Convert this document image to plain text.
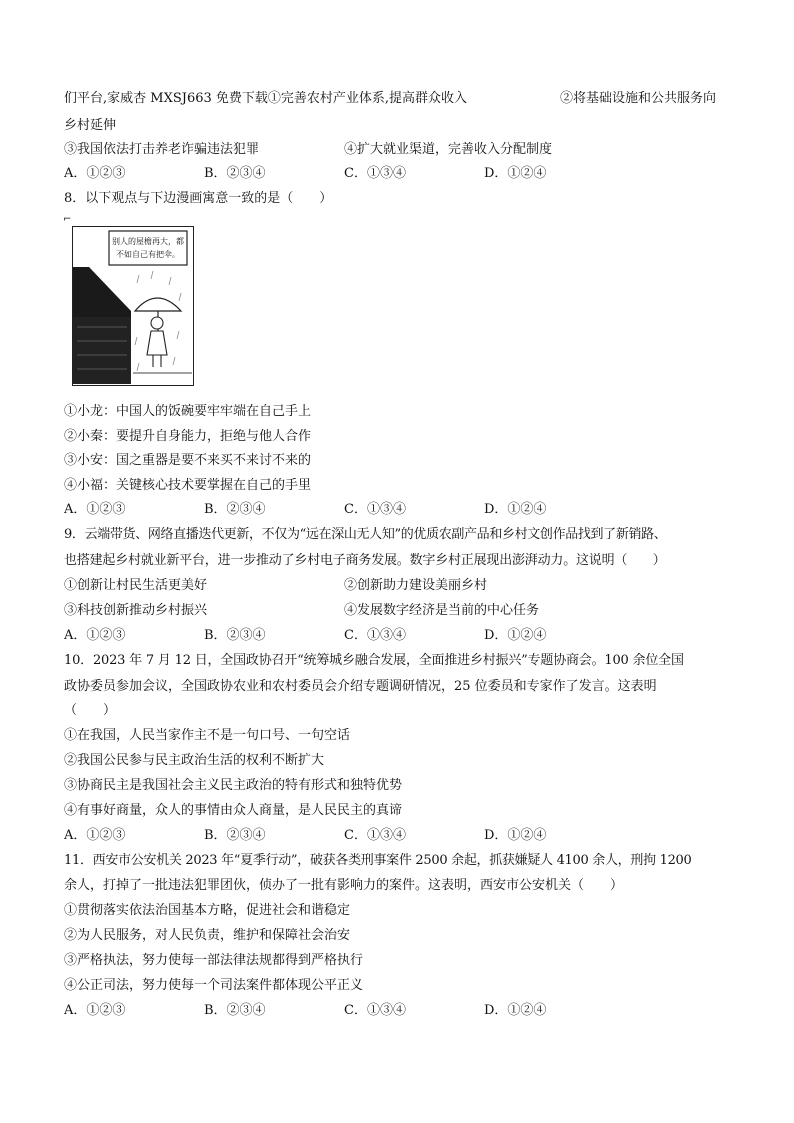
们平台,家威杏 MXSJ663 免费下载①完善农村产业体系,提高群众收入	②将基础设施和公共服务向
乡村延伸
③我国依法打击养老诈骗违法犯罪	④扩大就业渠道，完善收入分配制度
A．①②③	B．②③④	C．①③④	D．①②④
8．以下观点与下边漫画寓意一致的是（　　）
⌐
别人的屋檐再大，都
不如自己有把伞。
①小龙：中国人的饭碗要牢牢端在自己手上
②小秦：要提升自身能力，拒绝与他人合作
③小安：国之重器是要不来买不来讨不来的
④小福：关键核心技术要掌握在自己的手里
A．①②③	B．②③④	C．①③④	D．①②④
9．云端带货、网络直播迭代更新，不仅为“远在深山无人知”的优质农副产品和乡村文创作品找到了新销路、
也搭建起乡村就业新平台，进一步推动了乡村电子商务发展。数字乡村正展现出澎湃动力。这说明（　　）
①创新让村民生活更美好	②创新助力建设美丽乡村
③科技创新推动乡村振兴	④发展数字经济是当前的中心任务
A．①②③	B．②③④	C．①③④	D．①②④
10．2023 年 7 月 12 日，全国政协召开“统筹城乡融合发展，全面推进乡村振兴”专题协商会。100 余位全国
政协委员参加会议，全国政协农业和农村委员会介绍专题调研情况，25 位委员和专家作了发言。这表明
（　　）
①在我国，人民当家作主不是一句口号、一句空话
②我国公民参与民主政治生活的权利不断扩大
③协商民主是我国社会主义民主政治的特有形式和独特优势
④有事好商量，众人的事情由众人商量，是人民民主的真谛
A．①②③	B．②③④	C．①③④	D．①②④
11．西安市公安机关 2023 年“夏季行动”，破获各类刑事案件 2500 余起，抓获嫌疑人 4100 余人，刑拘 1200
余人，打掉了一批违法犯罪团伙，侦办了一批有影响力的案件。这表明，西安市公安机关（　　）
①贯彻落实依法治国基本方略，促进社会和谐稳定
②为人民服务，对人民负责，维护和保障社会治安
③严格执法，努力使每一部法律法规都得到严格执行
④公正司法，努力使每一个司法案件都体现公平正义
A．①②③	B．②③④	C．①③④	D．①②④
